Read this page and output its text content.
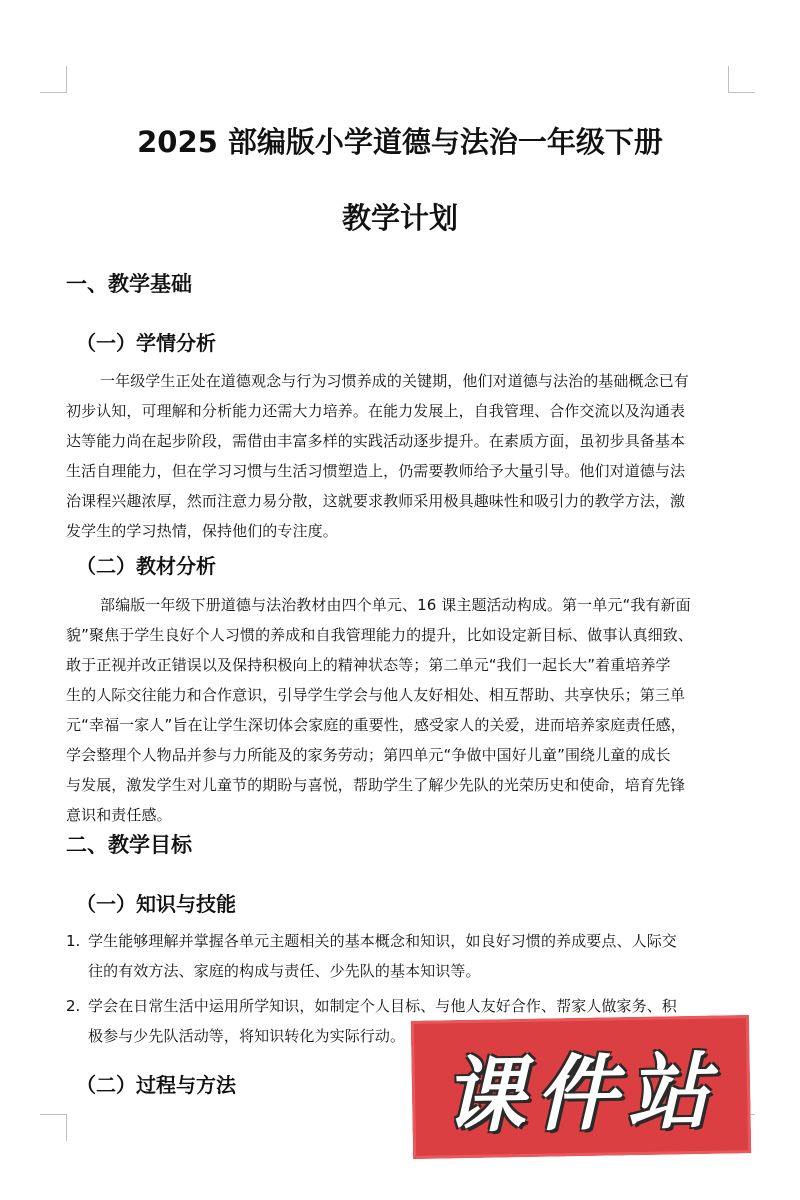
2025 部编版小学道德与法治一年级下册
教学计划
一、教学基础
（一）学情分析
一年级学生正处在道德观念与行为习惯养成的关键期，他们对道德与法治的基础概念已有
初步认知，可理解和分析能力还需大力培养。在能力发展上，自我管理、合作交流以及沟通表
达等能力尚在起步阶段，需借由丰富多样的实践活动逐步提升。在素质方面，虽初步具备基本
生活自理能力，但在学习习惯与生活习惯塑造上，仍需要教师给予大量引导。他们对道德与法
治课程兴趣浓厚，然而注意力易分散，这就要求教师采用极具趣味性和吸引力的教学方法，激
发学生的学习热情，保持他们的专注度。
（二）教材分析
部编版一年级下册道德与法治教材由四个单元、16 课主题活动构成。第一单元“我有新面
貌”聚焦于学生良好个人习惯的养成和自我管理能力的提升，比如设定新目标、做事认真细致、
敢于正视并改正错误以及保持积极向上的精神状态等；第二单元“我们一起长大”着重培养学
生的人际交往能力和合作意识，引导学生学会与他人友好相处、相互帮助、共享快乐；第三单
元“幸福一家人”旨在让学生深切体会家庭的重要性，感受家人的关爱，进而培养家庭责任感，
学会整理个人物品并参与力所能及的家务劳动；第四单元“争做中国好儿童”围绕儿童的成长
与发展，激发学生对儿童节的期盼与喜悦，帮助学生了解少先队的光荣历史和使命，培育先锋
意识和责任感。
二、教学目标
（一）知识与技能
1. 学生能够理解并掌握各单元主题相关的基本概念和知识，如良好习惯的养成要点、人际交
往的有效方法、家庭的构成与责任、少先队的基本知识等。
2. 学会在日常生活中运用所学知识，如制定个人目标、与他人友好合作、帮家人做家务、积
极参与少先队活动等，将知识转化为实际行动。
（二）过程与方法	课件站
